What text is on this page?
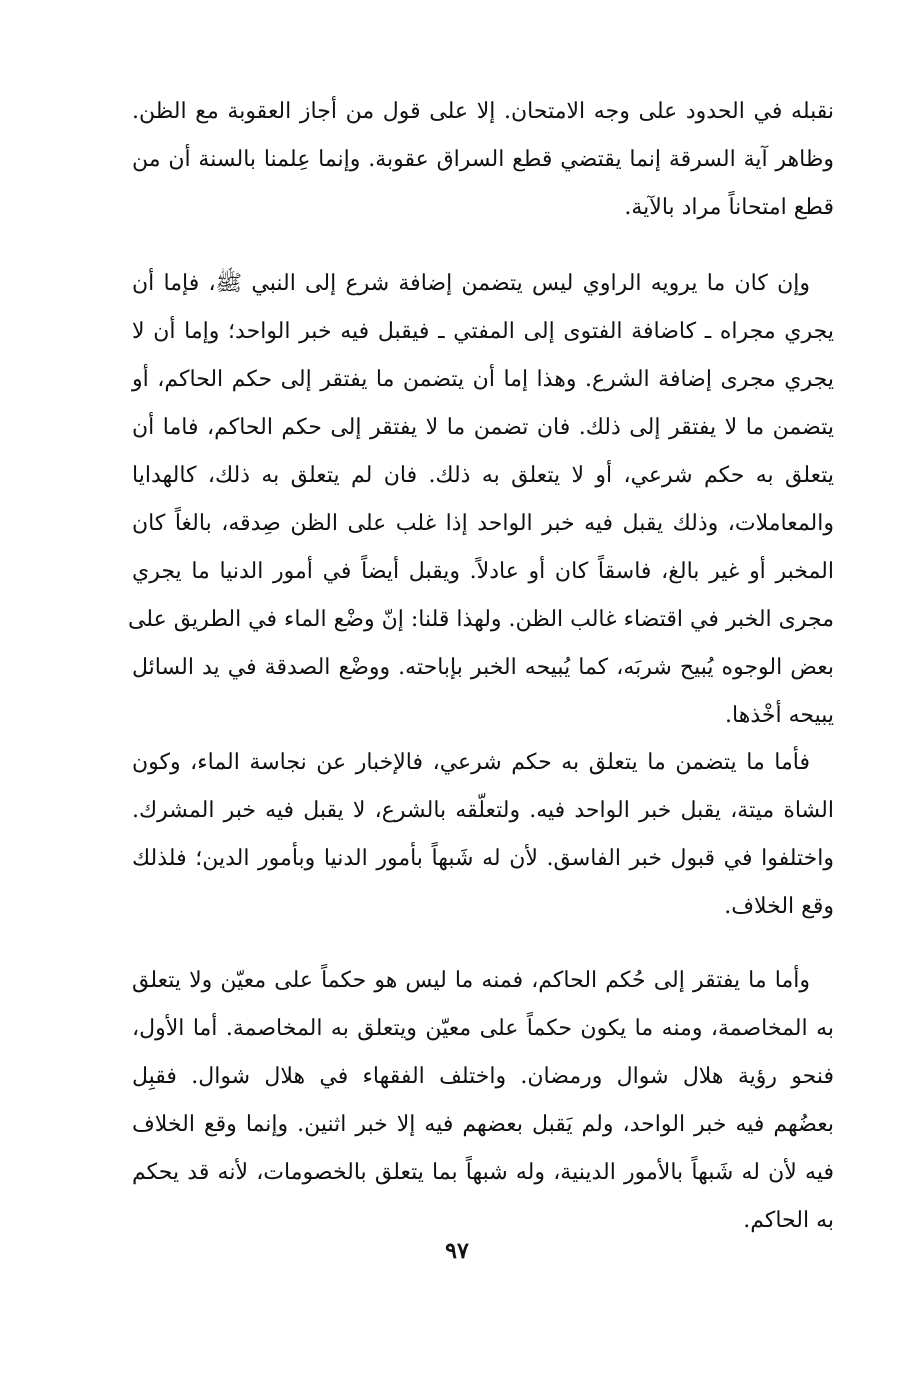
نقبله في الحدود على وجه الامتحان. إلا على قول من أجاز العقوبة مع الظن.
وظاهر آية السرقة إنما يقتضي قطع السراق عقوبة. وإنما عِلمنا بالسنة أن من
قطع امتحاناً مراد بالآية.
وإن كان ما يرويه الراوي ليس يتضمن إضافة شرع إلى النبي ﷺ، فإما أن
يجري مجراه ـ كاضافة الفتوى إلى المفتي ـ فيقبل فيه خبر الواحد؛ وإما أن لا
يجري مجرى إضافة الشرع. وهذا إما أن يتضمن ما يفتقر إلى حكم الحاكم، أو
يتضمن ما لا يفتقر إلى ذلك. فان تضمن ما لا يفتقر إلى حكم الحاكم، فاما أن
يتعلق به حكم شرعي، أو لا يتعلق به ذلك. فان لم يتعلق به ذلك، كالهدايا
والمعاملات، وذلك يقبل فيه خبر الواحد إذا غلب على الظن صِدقه، بالغاً كان
المخبر أو غير بالغ، فاسقاً كان أو عادلاً. ويقبل أيضاً في أمور الدنيا ما يجري
مجرى الخبر في اقتضاء غالب الظن. ولهذا قلنا: إنّ وضْع الماء في الطريق على
بعض الوجوه يُبيح شربَه، كما يُبيحه الخبر بإباحته. ووضْع الصدقة في يد السائل
يبيحه أخْذها.
فأما ما يتضمن ما يتعلق به حكم شرعي، فالإخبار عن نجاسة الماء، وكون
الشاة ميتة، يقبل خبر الواحد فيه. ولتعلّقه بالشرع، لا يقبل فيه خبر المشرك.
واختلفوا في قبول خبر الفاسق. لأن له شَبهاً بأمور الدنيا وبأمور الدين؛ فلذلك
وقع الخلاف.
وأما ما يفتقر إلى حُكم الحاكم، فمنه ما ليس هو حكماً على معيّن ولا يتعلق
به المخاصمة، ومنه ما يكون حكماً على معيّن ويتعلق به المخاصمة. أما الأول،
فنحو رؤية هلال شوال ورمضان. واختلف الفقهاء في هلال شوال. فقبِل
بعضُهم فيه خبر الواحد، ولم يَقبل بعضهم فيه إلا خبر اثنين. وإنما وقع الخلاف
فيه لأن له شَبهاً بالأمور الدينية، وله شبهاً بما يتعلق بالخصومات، لأنه قد يحكم
به الحاكم.
٩٧
